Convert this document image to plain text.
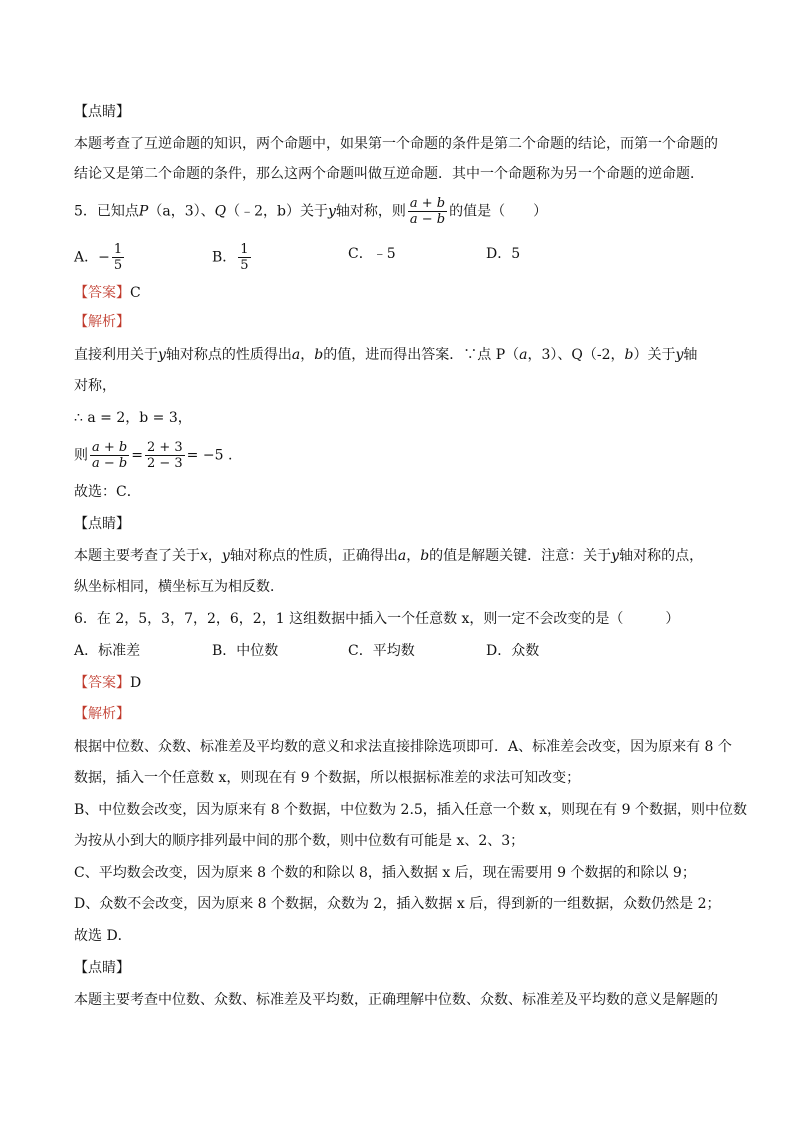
【点睛】
本题考查了互逆命题的知识，两个命题中，如果第一个命题的条件是第二个命题的结论，而第一个命题的
结论又是第二个命题的条件，那么这两个命题叫做互逆命题．其中一个命题称为另一个命题的逆命题．
5．已知点P（a，3）、Q（﹣2，b）关于y轴对称，则 $\frac{a + b}{a - b}$ 的值是（　　）
A．− $\frac{1}{5}$	B． $\frac{1}{5}$	C．﹣5	D．5
【答案】C
【解析】
直接利用关于y轴对称点的性质得出a，b的值，进而得出答案．∵点 P（a，3）、Q（-2，b）关于y轴
对称，
∴ a = 2，b = 3，
则 $\frac{a + b}{a - b} = \frac{2 + 3}{2 - 3} = -5$ .
故选：C．
【点睛】
本题主要考查了关于x，y轴对称点的性质，正确得出a，b的值是解题关键．注意：关于y轴对称的点，
纵坐标相同，横坐标互为相反数．
6．在 2，5，3，7，2，6，2，1 这组数据中插入一个任意数 x，则一定不会改变的是（　　　）
A．标准差	B．中位数	C．平均数	D．众数
【答案】D
【解析】
根据中位数、众数、标准差及平均数的意义和求法直接排除选项即可．A、标准差会改变，因为原来有 8 个
数据，插入一个任意数 x，则现在有 9 个数据，所以根据标准差的求法可知改变；
B、中位数会改变，因为原来有 8 个数据，中位数为 2.5，插入任意一个数 x，则现在有 9 个数据，则中位数
为按从小到大的顺序排列最中间的那个数，则中位数有可能是 x、2、3；
C、平均数会改变，因为原来 8 个数的和除以 8，插入数据 x 后，现在需要用 9 个数据的和除以 9；
D、众数不会改变，因为原来 8 个数据，众数为 2，插入数据 x 后，得到新的一组数据，众数仍然是 2；
故选 D．
【点睛】
本题主要考查中位数、众数、标准差及平均数，正确理解中位数、众数、标准差及平均数的意义是解题的
